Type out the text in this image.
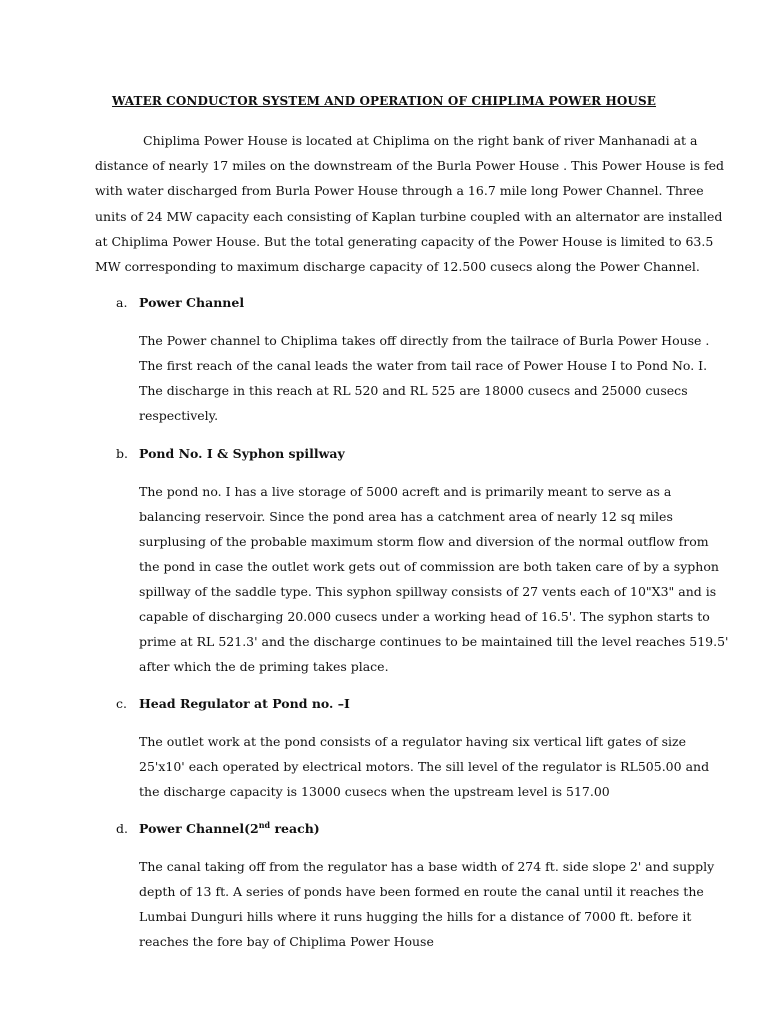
WATER CONDUCTOR SYSTEM AND OPERATION OF CHIPLIMA POWER HOUSE

Chiplima Power House is located at Chiplima on the right bank of river Manhanadi at a
distance of nearly 17 miles on the downstream of the Burla Power House . This Power House is fed
with water discharged from Burla Power House through a 16.7 mile long Power Channel. Three
units of 24 MW capacity each consisting of Kaplan turbine coupled with an alternator are installed
at Chiplima Power House. But the total generating capacity of the Power House is limited to 63.5
MW corresponding to maximum discharge capacity of 12.500 cusecs along the Power Channel.

a. Power Channel

The Power channel to Chiplima takes off directly from the tailrace of Burla Power House .
The first reach of the canal leads the water from tail race of Power House I to Pond No. I.
The discharge in this reach at RL 520 and RL 525 are 18000 cusecs and 25000 cusecs
respectively.

b. Pond No. I & Syphon spillway

The pond no. I has a live storage of 5000 acreft and is primarily meant to serve as a
balancing reservoir. Since the pond area has a catchment area of nearly 12 sq miles
surplusing of the probable maximum storm flow and diversion of the normal outflow from
the pond in case the outlet work gets out of commission are both taken care of by a syphon
spillway of the saddle type. This syphon spillway consists of 27 vents each of 10"X3" and is
capable of discharging 20.000 cusecs under a working head of 16.5'. The syphon starts to
prime at RL 521.3' and the discharge continues to be maintained till the level reaches 519.5'
after which the de priming takes place.

c. Head Regulator at Pond no. –I

The outlet work at the pond consists of a regulator having six vertical lift gates of size
25'x10' each operated by electrical motors. The sill level of the regulator is RL505.00 and
the discharge capacity is 13000 cusecs when the upstream level is 517.00

d. Power Channel(2nd reach)

The canal taking off from the regulator has a base width of 274 ft. side slope 2' and supply
depth of 13 ft. A series of ponds have been formed en route the canal until it reaches the
Lumbai Dunguri hills where it runs hugging the hills for a distance of 7000 ft. before it
reaches the fore bay of Chiplima Power House
